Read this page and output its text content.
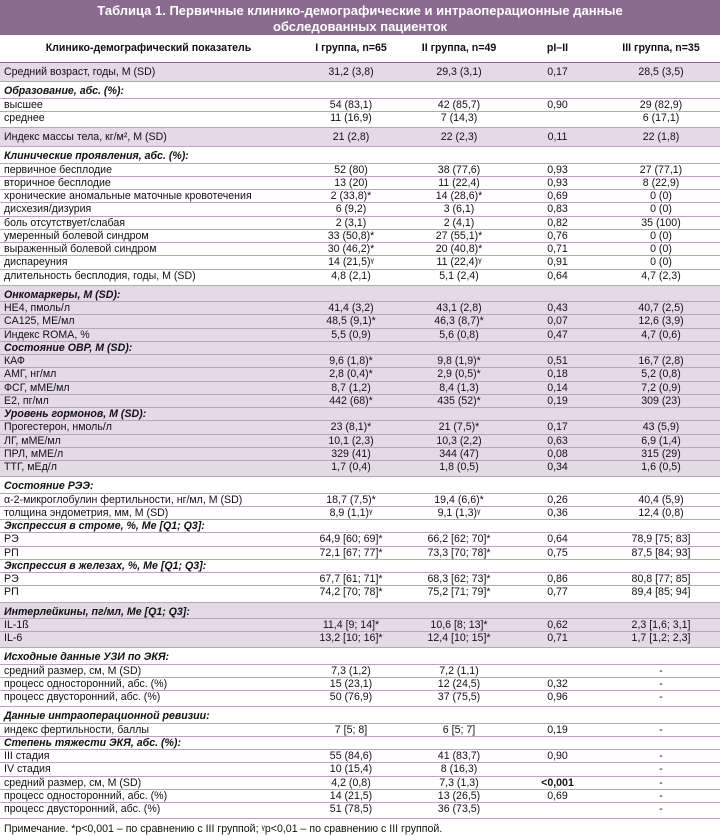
Таблица 1. Первичные клинико-демографические и интраоперационные данные
обследованных пациенток
Клинико-демографический показатель	I группа, n=65	II группа, n=49	pI–II	III группа, n=35
Средний возраст, годы, M (SD)	31,2 (3,8)	29,3 (3,1)	0,17	28,5 (3,5)
Образование, абс. (%):				
высшее	54 (83,1)	42 (85,7)	0,90	29 (82,9)
среднее	11 (16,9)	7 (14,3)		6 (17,1)
Индекс массы тела, кг/м², M (SD)	21 (2,8)	22 (2,3)	0,11	22 (1,8)
Клинические проявления, абс. (%):				
первичное бесплодие	52 (80)	38 (77,6)	0,93	27 (77,1)
вторичное бесплодие	13 (20)	11 (22,4)	0,93	8 (22,9)
хронические аномальные маточные кровотечения	2 (33,8)*	14 (28,6)*	0,69	0 (0)
дисхезия/дизурия	6 (9,2)	3 (6,1)	0,83	0 (0)
боль отсутствует/слабая	2 (3,1)	2 (4,1)	0,82	35 (100)
умеренный болевой синдром	33 (50,8)*	27 (55,1)*	0,76	0 (0)
выраженный болевой синдром	30 (46,2)*	20 (40,8)*	0,71	0 (0)
диспареуния	14 (21,5)ᵞ	11 (22,4)ᵞ	0,91	0 (0)
длительность бесплодия, годы, M (SD)	4,8 (2,1)	5,1 (2,4)	0,64	4,7 (2,3)
Онкомаркеры, M (SD):				
HE4, пмоль/л	41,4 (3,2)	43,1 (2,8)	0,43	40,7 (2,5)
CA125, МЕ/мл	48,5 (9,1)*	46,3 (8,7)*	0,07	12,6 (3,9)
Индекс ROMA, %	5,5 (0,9)	5,6 (0,8)	0,47	4,7 (0,6)
Состояние ОВР, M (SD):				
КАФ	9,6 (1,8)*	9,8 (1,9)*	0,51	16,7 (2,8)
АМГ, нг/мл	2,8 (0,4)*	2,9 (0,5)*	0,18	5,2 (0,8)
ФСГ, мМЕ/мл	8,7 (1,2)	8,4 (1,3)	0,14	7,2 (0,9)
E2, пг/мл	442 (68)*	435 (52)*	0,19	309 (23)
Уровень гормонов, M (SD):				
Прогестерон, нмоль/л	23 (8,1)*	21 (7,5)*	0,17	43 (5,9)
ЛГ, мМЕ/мл	10,1 (2,3)	10,3 (2,2)	0,63	6,9 (1,4)
ПРЛ, мМЕ/л	329 (41)	344 (47)	0,08	315 (29)
ТТГ, мЕд/л	1,7 (0,4)	1,8 (0,5)	0,34	1,6 (0,5)
Состояние РЭЭ:				
α-2-микроглобулин фертильности, нг/мл, M (SD)	18,7 (7,5)*	19,4 (6,6)*	0,26	40,4 (5,9)
толщина эндометрия, мм, M (SD)	8,9 (1,1)ᵞ	9,1 (1,3)ᵞ	0,36	12,4 (0,8)
Экспрессия в строме, %, Me [Q1; Q3]:				
РЭ	64,9 [60; 69]*	66,2 [62; 70]*	0,64	78,9 [75; 83]
РП	72,1 [67; 77]*	73,3 [70; 78]*	0,75	87,5 [84; 93]
Экспрессия в железах, %, Me [Q1; Q3]:				
РЭ	67,7 [61; 71]*	68,3 [62; 73]*	0,86	80,8 [77; 85]
РП	74,2 [70; 78]*	75,2 [71; 79]*	0,77	89,4 [85; 94]
Интерлейкины, пг/мл, Me [Q1; Q3]:				
IL-1ß	11,4 [9; 14]*	10,6 [8; 13]*	0,62	2,3 [1,6; 3,1]
IL-6	13,2 [10; 16]*	12,4 [10; 15]*	0,71	1,7 [1,2; 2,3]
Исходные данные УЗИ по ЭКЯ:				
средний размер, см, M (SD)	7,3 (1,2)	7,2 (1,1)		-
процесс односторонний, абс. (%)	15 (23,1)	12 (24,5)	0,32	-
процесс двусторонний, абс. (%)	50 (76,9)	37 (75,5)	0,96	-
Данные интраоперационной ревизии:				
индекс фертильности, баллы	7 [5; 8]	6 [5; 7]	0,19	-
Степень тяжести ЭКЯ, абс. (%):				
III стадия	55 (84,6)	41 (83,7)	0,90	-
IV стадия	10 (15,4)	8 (16,3)		-
средний размер, см, M (SD)	4,2 (0,8)	7,3 (1,3)	<0,001	-
процесс односторонний, абс. (%)	14 (21,5)	13 (26,5)	0,69	-
процесс двусторонний, абс. (%)	51 (78,5)	36 (73,5)		-
Примечание. *p<0,001 – по сравнению с III группой; ᵞp<0,01 – по сравнению с III группой.
